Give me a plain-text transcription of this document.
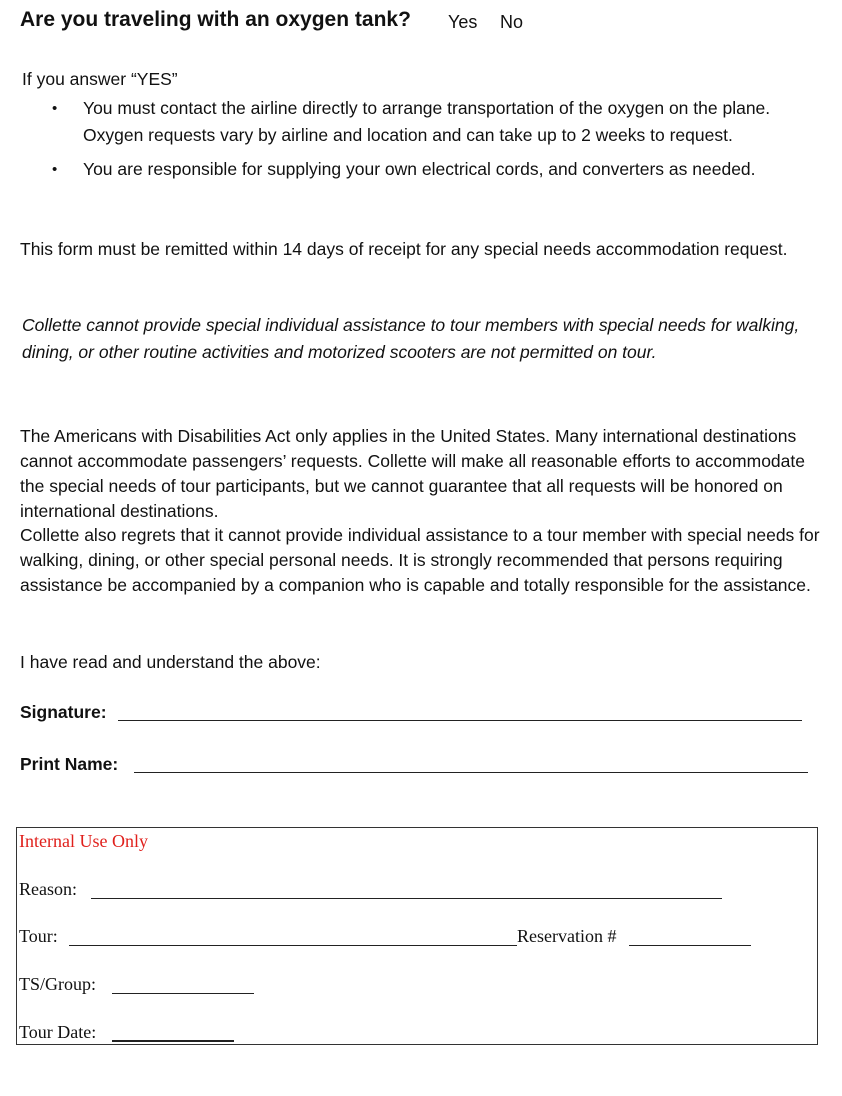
Are you traveling with an oxygen tank? Yes No
If you answer “YES”
• You must contact the airline directly to arrange transportation of the oxygen on the plane. Oxygen requests vary by airline and location and can take up to 2 weeks to request.
• You are responsible for supplying your own electrical cords, and converters as needed.
This form must be remitted within 14 days of receipt for any special needs accommodation request.
Collette cannot provide special individual assistance to tour members with special needs for walking, dining, or other routine activities and motorized scooters are not permitted on tour.
The Americans with Disabilities Act only applies in the United States. Many international destinations cannot accommodate passengers’ requests. Collette will make all reasonable efforts to accommodate the special needs of tour participants, but we cannot guarantee that all requests will be honored on international destinations.
Collette also regrets that it cannot provide individual assistance to a tour member with special needs for walking, dining, or other special personal needs. It is strongly recommended that persons requiring assistance be accompanied by a companion who is capable and totally responsible for the assistance.
I have read and understand the above:
Signature:
Print Name:
Internal Use Only
Reason:
Tour:	Reservation #
TS/Group:
Tour Date:
